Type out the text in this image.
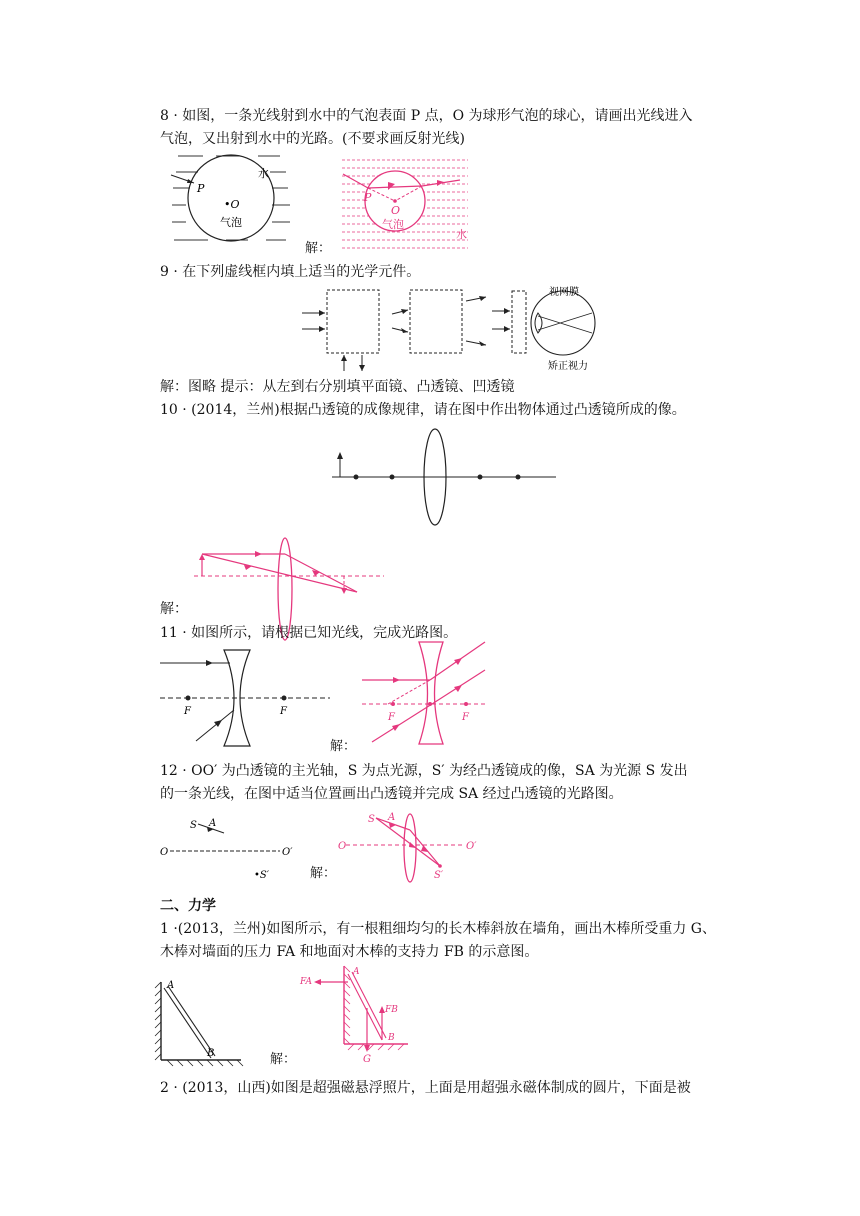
8 · 如图，一条光线射到水中的气泡表面 P 点，O 为球形气泡的球心，请画出光线进入
气泡，又出射到水中的光路。(不要求画反射光线)
P
•O
气泡
水
解：
P
O
气泡
水
9 · 在下列虚线框内填上适当的光学元件。
视网膜
矫正视力
解：图略 提示：从左到右分别填平面镜、凸透镜、凹透镜
10 · (2014，兰州)根据凸透镜的成像规律，请在图中作出物体通过凸透镜所成的像。
解：
11 · 如图所示，请根据已知光线，完成光路图。
F	F
解：
F	F
12 · OO′ 为凸透镜的主光轴，S 为点光源，S′ 为经凸透镜成的像，SA 为光源 S 发出
的一条光线，在图中适当位置画出凸透镜并完成 SA 经过凸透镜的光路图。
S A
O	O′
•S′	解：
O	O′
S A
S′
二、力学
1 ·(2013，兰州)如图所示，有一根粗细均匀的长木棒斜放在墙角，画出木棒所受重力 G、
木棒对墙面的压力 FA 和地面对木棒的支持力 FB 的示意图。
A
B	解：
FA
A
FB
B
G
2 · (2013，山西)如图是超强磁悬浮照片，上面是用超强永磁体制成的圆片，下面是被
